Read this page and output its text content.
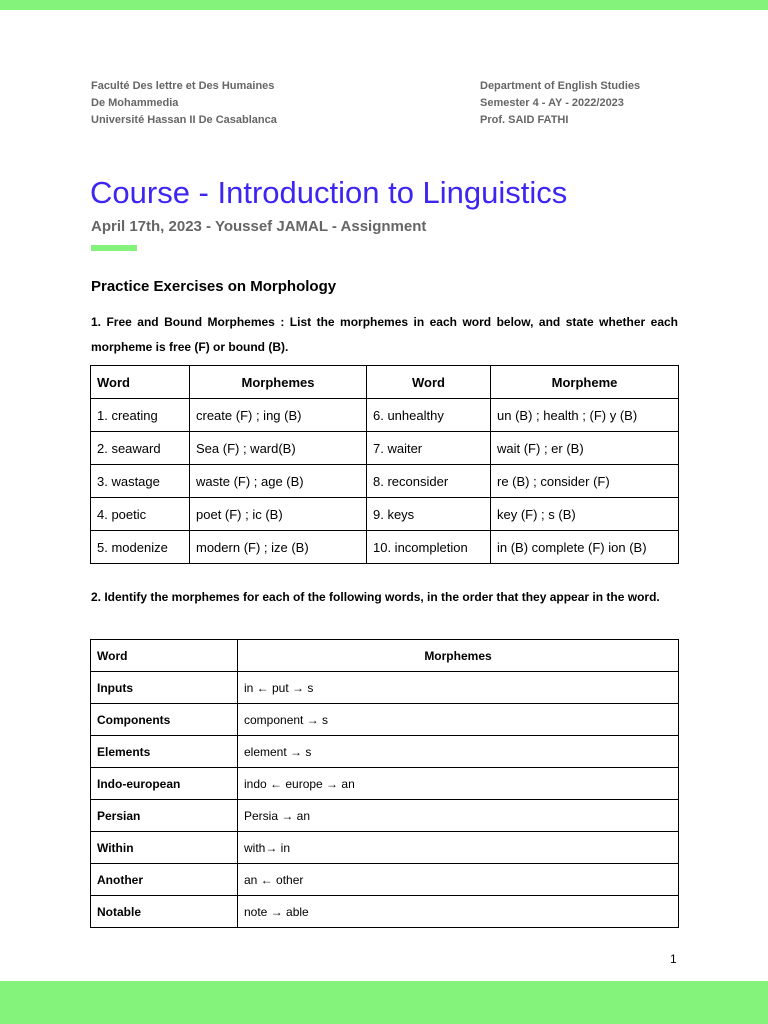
Faculté Des lettre et Des Humaines
De Mohammedia
Université Hassan II De Casablanca
Department of English Studies
Semester 4 - AY - 2022/2023
Prof. SAID FATHI
Course - Introduction to Linguistics
April 17th, 2023 - Youssef JAMAL - Assignment
Practice Exercises on Morphology
1. Free and Bound Morphemes : List the morphemes in each word below, and state whether each morpheme is free (F) or bound (B).
Word	Morphemes	Word	Morpheme
1. creating	create (F) ; ing (B)	6. unhealthy	un (B) ; health ; (F) y (B)
2. seaward	Sea (F) ; ward(B)	7. waiter	wait (F) ; er (B)
3. wastage	waste (F) ; age (B)	8. reconsider	re (B) ; consider (F)
4. poetic	poet (F) ; ic (B)	9. keys	key (F) ; s (B)
5. modenize	modern (F) ; ize (B)	10. incompletion	in (B) complete (F) ion (B)
2. Identify the morphemes for each of the following words, in the order that they appear in the word.
Word	Morphemes
Inputs	in ← put → s
Components	component → s
Elements	element → s
Indo-european	indo ← europe → an
Persian	Persia → an
Within	with→ in
Another	an ← other
Notable	note → able
1
